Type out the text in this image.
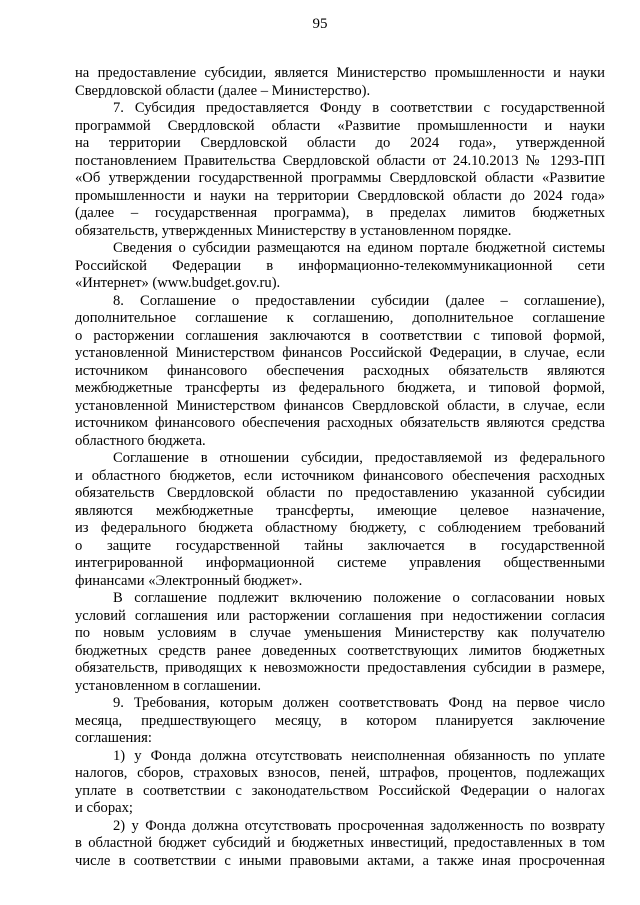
95
на предоставление субсидии, является Министерство промышленности и науки
Свердловской области (далее – Министерство).
7. Субсидия предоставляется Фонду в соответствии с государственной
программой Свердловской области «Развитие промышленности и науки
на территории Свердловской области до 2024 года», утвержденной
постановлением Правительства Свердловской области от 24.10.2013 № 1293-ПП
«Об утверждении государственной программы Свердловской области «Развитие
промышленности и науки на территории Свердловской области до 2024 года»
(далее – государственная программа), в пределах лимитов бюджетных
обязательств, утвержденных Министерству в установленном порядке.
Сведения о субсидии размещаются на едином портале бюджетной системы
Российской Федерации в информационно-телекоммуникационной сети
«Интернет» (www.budget.gov.ru).
8. Соглашение о предоставлении субсидии (далее – соглашение),
дополнительное соглашение к соглашению, дополнительное соглашение
о расторжении соглашения заключаются в соответствии с типовой формой,
установленной Министерством финансов Российской Федерации, в случае, если
источником финансового обеспечения расходных обязательств являются
межбюджетные трансферты из федерального бюджета, и типовой формой,
установленной Министерством финансов Свердловской области, в случае, если
источником финансового обеспечения расходных обязательств являются средства
областного бюджета.
Соглашение в отношении субсидии, предоставляемой из федерального
и областного бюджетов, если источником финансового обеспечения расходных
обязательств Свердловской области по предоставлению указанной субсидии
являются межбюджетные трансферты, имеющие целевое назначение,
из федерального бюджета областному бюджету, с соблюдением требований
о защите государственной тайны заключается в государственной
интегрированной информационной системе управления общественными
финансами «Электронный бюджет».
В соглашение подлежит включению положение о согласовании новых
условий соглашения или расторжении соглашения при недостижении согласия
по новым условиям в случае уменьшения Министерству как получателю
бюджетных средств ранее доведенных соответствующих лимитов бюджетных
обязательств, приводящих к невозможности предоставления субсидии в размере,
установленном в соглашении.
9. Требования, которым должен соответствовать Фонд на первое число
месяца, предшествующего месяцу, в котором планируется заключение
соглашения:
1) у Фонда должна отсутствовать неисполненная обязанность по уплате
налогов, сборов, страховых взносов, пеней, штрафов, процентов, подлежащих
уплате в соответствии с законодательством Российской Федерации о налогах
и сборах;
2) у Фонда должна отсутствовать просроченная задолженность по возврату
в областной бюджет субсидий и бюджетных инвестиций, предоставленных в том
числе в соответствии с иными правовыми актами, а также иная просроченная
